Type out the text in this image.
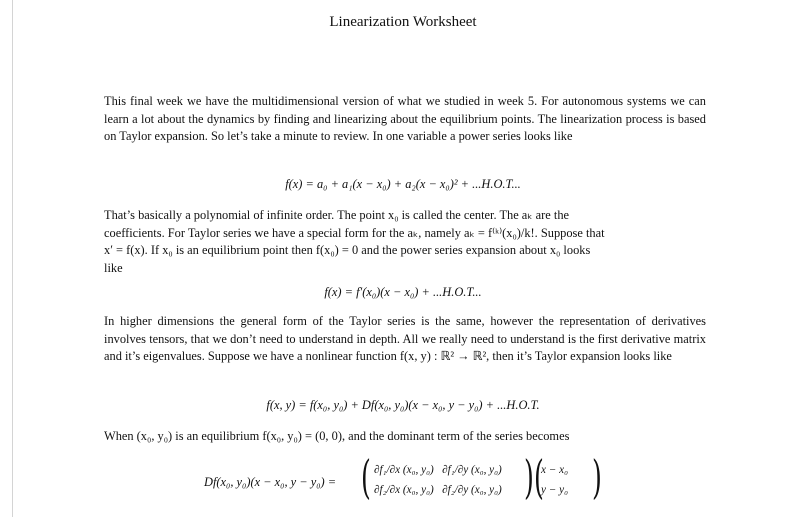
Linearization Worksheet
This final week we have the multidimensional version of what we studied in week 5. For autonomous systems we can learn a lot about the dynamics by finding and linearizing about the equilibrium points. The linearization process is based on Taylor expansion. So let’s take a minute to review. In one variable a power series looks like
f(x) = a₀ + a₁(x − x₀) + a₂(x − x₀)² + ...H.O.T...
That’s basically a polynomial of infinite order. The point x₀ is called the center. The aₖ are the
coefficients. For Taylor series we have a special form for the aₖ, namely aₖ = f⁽ᵏ⁾(x₀)/k!. Suppose that
x′ = f(x). If x₀ is an equilibrium point then f(x₀) = 0 and the power series expansion about x₀ looks
like
f(x) = f′(x₀)(x − x₀) + ...H.O.T...
In higher dimensions the general form of the Taylor series is the same, however the representation of derivatives involves tensors, that we don’t need to understand in depth. All we really need to understand is the first derivative matrix and it’s eigenvalues. Suppose we have a nonlinear function f(x, y) : ℝ² → ℝ², then it’s Taylor expansion looks like
f(x, y) = f(x₀, y₀) + Df(x₀, y₀)(x − x₀, y − y₀) + ...H.O.T.
When (x₀, y₀) is an equilibrium f(x₀, y₀) = (0, 0), and the dominant term of the series becomes
Df(x₀, y₀)(x − x₀, y − y₀) = ( ∂f₁/∂x (x₀, y₀) ∂f₁/∂y (x₀, y₀)
∂f₂/∂x (x₀, y₀) ∂f₂/∂y (x₀, y₀) ) (
x − x₀
y − y₀ )
